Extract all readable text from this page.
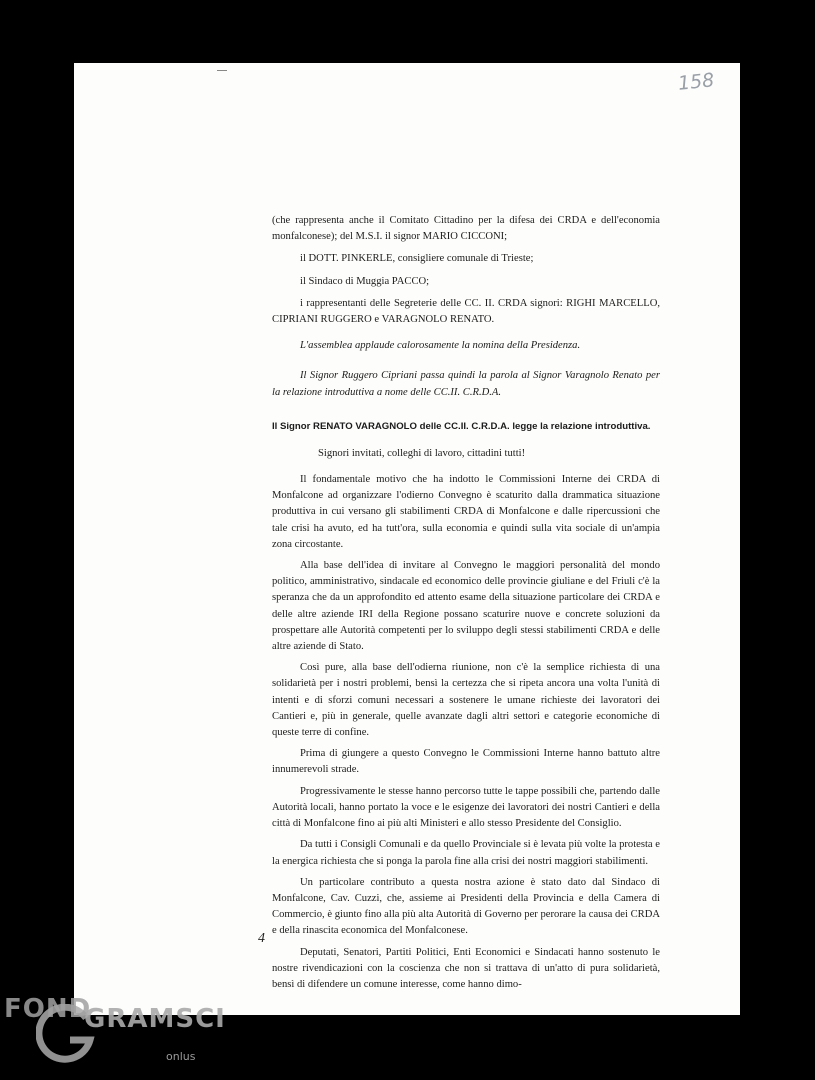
158

(che rappresenta anche il Comitato Cittadino per la difesa dei CRDA e dell'economia monfalconese); del M.S.I. il signor MARIO CICCONI;

il DOTT. PINKERLE, consigliere comunale di Trieste;

il Sindaco di Muggia PACCO;

i rappresentanti delle Segreterie delle CC. II. CRDA signori: RIGHI MARCELLO, CIPRIANI RUGGERO e VARAGNOLO RENATO.

L'assemblea applaude calorosamente la nomina della Presidenza.

Il Signor Ruggero Cipriani passa quindi la parola al Signor Varagnolo Renato per la relazione introduttiva a nome delle CC.II. C.R.D.A.

Il Signor RENATO VARAGNOLO delle CC.II. C.R.D.A. legge la relazione introduttiva.

Signori invitati, colleghi di lavoro, cittadini tutti!

Il fondamentale motivo che ha indotto le Commissioni Interne dei CRDA di Monfalcone ad organizzare l'odierno Convegno è scaturito dalla drammatica situazione produttiva in cui versano gli stabilimenti CRDA di Monfalcone e dalle ripercussioni che tale crisi ha avuto, ed ha tutt'ora, sulla economia e quindi sulla vita sociale di un'ampia zona circostante.

Alla base dell'idea di invitare al Convegno le maggiori personalità del mondo politico, amministrativo, sindacale ed economico delle provincie giuliane e del Friuli c'è la speranza che da un approfondito ed attento esame della situazione particolare dei CRDA e delle altre aziende IRI della Regione possano scaturire nuove e concrete soluzioni da prospettare alle Autorità competenti per lo sviluppo degli stessi stabilimenti CRDA e delle altre aziende di Stato.

Così pure, alla base dell'odierna riunione, non c'è la semplice richiesta di una solidarietà per i nostri problemi, bensì la certezza che si ripeta ancora una volta l'unità di intenti e di sforzi comuni necessari a sostenere le umane richieste dei lavoratori dei Cantieri e, più in generale, quelle avanzate dagli altri settori e categorie economiche di queste terre di confine.

Prima di giungere a questo Convegno le Commissioni Interne hanno battuto altre innumerevoli strade.

Progressivamente le stesse hanno percorso tutte le tappe possibili che, partendo dalle Autorità locali, hanno portato la voce e le esigenze dei lavoratori dei nostri Cantieri e della città di Monfalcone fino ai più alti Ministeri e allo stesso Presidente del Consiglio.

Da tutti i Consigli Comunali e da quello Provinciale si è levata più volte la protesta e la energica richiesta che si ponga la parola fine alla crisi dei nostri maggiori stabilimenti.

Un particolare contributo a questa nostra azione è stato dato dal Sindaco di Monfalcone, Cav. Cuzzi, che, assieme ai Presidenti della Provincia e della Camera di Commercio, è giunto fino alla più alta Autorità di Governo per perorare la causa dei CRDA e della rinascita economica del Monfalconese.

Deputati, Senatori, Partiti Politici, Enti Economici e Sindacati hanno sostenuto le nostre rivendicazioni con la coscienza che non si trattava di un'atto di pura solidarietà, bensì di difendere un comune interesse, come hanno dimo-

4
FOND
GRAMSCI
onlus
